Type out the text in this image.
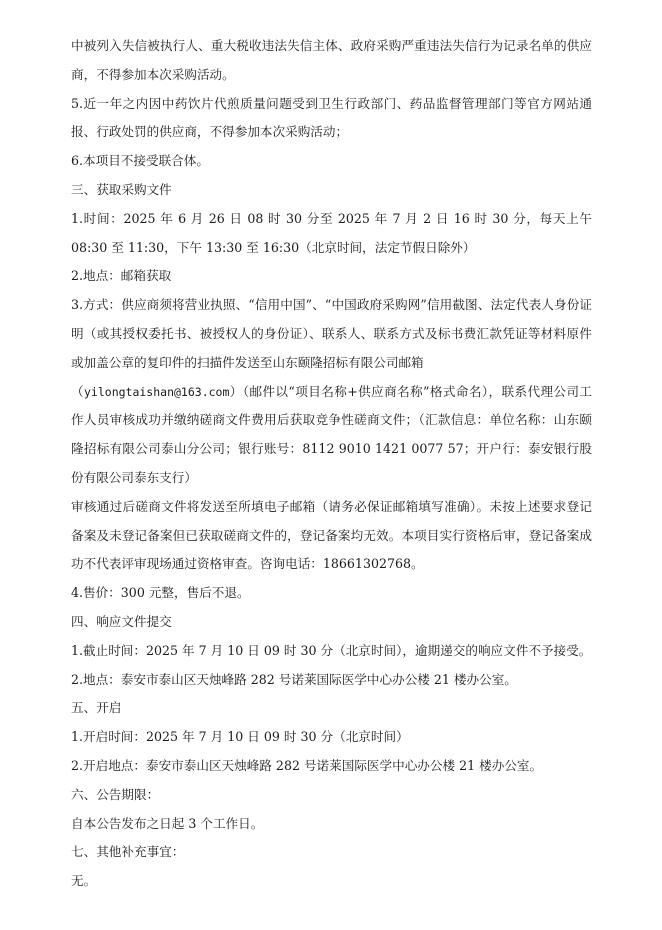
中被列入失信被执行人、重大税收违法失信主体、政府采购严重违法失信行为记录名单的供应商，不得参加本次采购活动。

5.近一年之内因中药饮片代煎质量问题受到卫生行政部门、药品监督管理部门等官方网站通报、行政处罚的供应商，不得参加本次采购活动；

6.本项目不接受联合体。

三、获取采购文件

1.时间：2025 年 6 月 26 日 08 时 30 分至 2025 年 7 月 2 日 16 时 30 分，每天上午 08:30 至 11:30，下午 13:30 至 16:30（北京时间，法定节假日除外）

2.地点：邮箱获取

3.方式：供应商须将营业执照、“信用中国”、“中国政府采购网”信用截图、法定代表人身份证明（或其授权委托书、被授权人的身份证）、联系人、联系方式及标书费汇款凭证等材料原件或加盖公章的复印件的扫描件发送至山东颐隆招标有限公司邮箱

（yilongtaishan@163.com）（邮件以“项目名称+供应商名称”格式命名），联系代理公司工作人员审核成功并缴纳磋商文件费用后获取竞争性磋商文件；（汇款信息：单位名称：山东颐隆招标有限公司泰山分公司；银行账号：8112 9010 1421 0077 57；开户行：泰安银行股份有限公司泰东支行）

审核通过后磋商文件将发送至所填电子邮箱（请务必保证邮箱填写准确）。未按上述要求登记备案及未登记备案但已获取磋商文件的，登记备案均无效。本项目实行资格后审，登记备案成功不代表评审现场通过资格审查。咨询电话：18661302768。

4.售价：300 元整，售后不退。

四、响应文件提交

1.截止时间：2025 年 7 月 10 日 09 时 30 分（北京时间），逾期递交的响应文件不予接受。

2.地点：泰安市泰山区天烛峰路 282 号诺莱国际医学中心办公楼 21 楼办公室。

五、开启

1.开启时间：2025 年 7 月 10 日 09 时 30 分（北京时间）

2.开启地点：泰安市泰山区天烛峰路 282 号诺莱国际医学中心办公楼 21 楼办公室。

六、公告期限：

自本公告发布之日起 3 个工作日。

七、其他补充事宜：

无。
